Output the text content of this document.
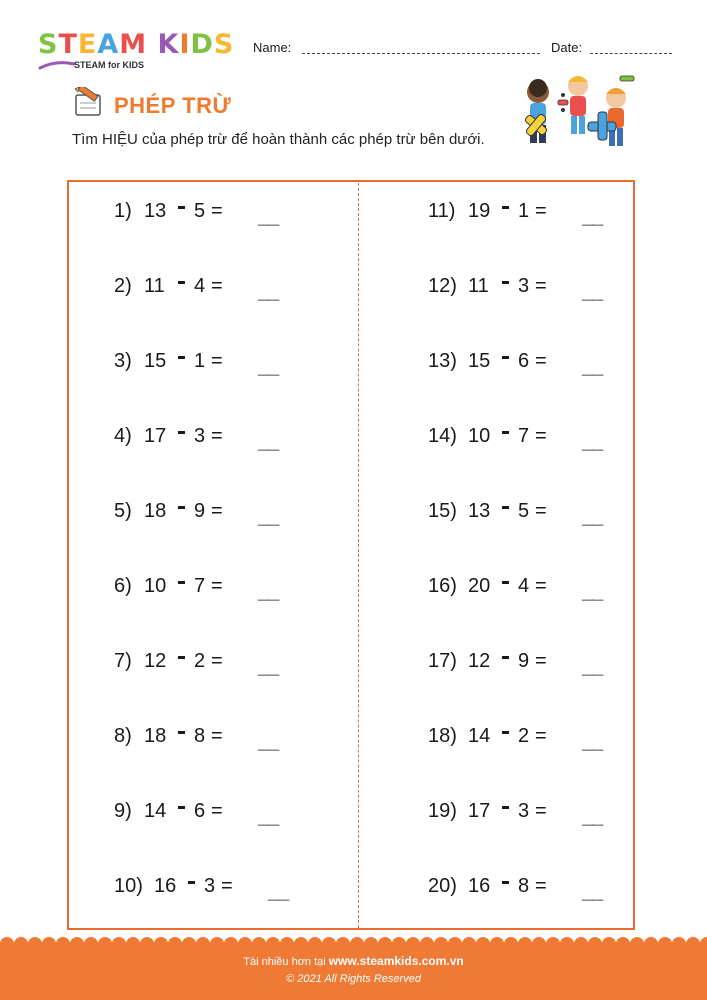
STEAM KIDS
STEAM for KIDS
Name:	Date:
PHÉP TRỪ
Tìm HIỆU của phép trừ để hoàn thành các phép trừ bên dưới.
1) 13 5 = __
2) 11 4 = __
3) 15 1 = __
4) 17 3 = __
5) 18 9 = __
6) 10 7 = __
7) 12 2 = __
8) 18 8 = __
9) 14 6 = __
10) 16 3 = __
11) 19 1 = __
12) 11 3 = __
13) 15 6 = __
14) 10 7 = __
15) 13 5 = __
16) 20 4 = __
17) 12 9 = __
18) 14 2 = __
19) 17 3 = __
20) 16 8 = __
Tài nhiều hơn tại www.steamkids.com.vn
© 2021 All Rights Reserved
